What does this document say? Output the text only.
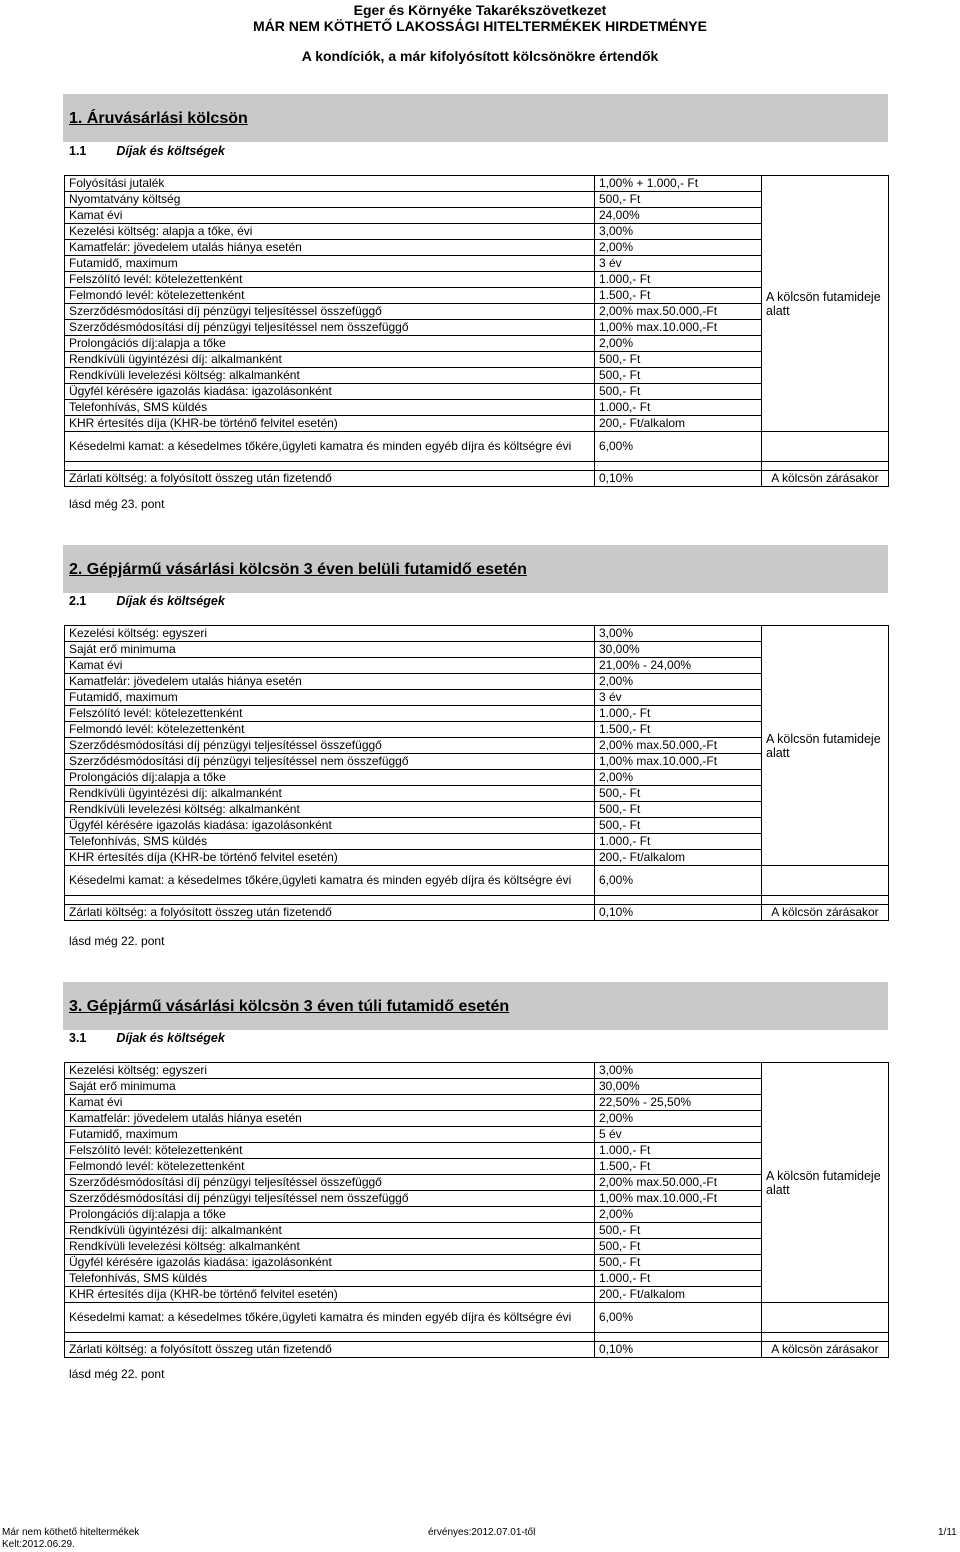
Eger és Környéke Takarékszövetkezet
MÁR NEM KÖTHETŐ LAKOSSÁGI HITELTERMÉKEK HIRDETMÉNYE
A kondíciók, a már kifolyósított kölcsönökre értendők
1. Áruvásárlási kölcsön
1.1 Díjak és költségek
Folyósítási jutalék	1,00% + 1.000,- Ft	A kölcsön futamideje alatt
Nyomtatvány költség	500,- Ft	
Kamat évi	24,00%	
Kezelési költség: alapja a tőke, évi	3,00%	
Kamatfelár: jövedelem utalás hiánya esetén	2,00%	
Futamidő, maximum	3 év	
Felszólító levél: kötelezettenként	1.000,- Ft	
Felmondó levél: kötelezettenként	1.500,- Ft	
Szerződésmódosítási díj pénzügyi teljesítéssel összefüggő	2,00% max.50.000,-Ft	
Szerződésmódosítási díj pénzügyi teljesítéssel nem összefüggő	1,00% max.10.000,-Ft	
Prolongációs díj:alapja a tőke	2,00%	
Rendkívüli ügyintézési díj: alkalmanként	500,- Ft	
Rendkívüli levelezési költség: alkalmanként	500,- Ft	
Ügyfél kérésére igazolás kiadása: igazolásonként	500,- Ft	
Telefonhívás, SMS küldés	1.000,- Ft	
KHR értesítés díja (KHR-be történő felvitel esetén)	200,- Ft/alkalom	
Késedelmi kamat: a késedelmes tőkére,ügyleti kamatra és minden egyéb díjra és költségre évi	6,00%	

Zárlati költség: a folyósított összeg után fizetendő	0,10%	A kölcsön zárásakor
lásd még 23. pont
2. Gépjármű vásárlási kölcsön 3 éven belüli futamidő esetén
2.1 Díjak és költségek
Kezelési költség: egyszeri	3,00%	A kölcsön futamideje alatt
Saját erő minimuma	30,00%	
Kamat évi	21,00% - 24,00%	
Kamatfelár: jövedelem utalás hiánya esetén	2,00%	
Futamidő, maximum	3 év	
Felszólító levél: kötelezettenként	1.000,- Ft	
Felmondó levél: kötelezettenként	1.500,- Ft	
Szerződésmódosítási díj pénzügyi teljesítéssel összefüggő	2,00% max.50.000,-Ft	
Szerződésmódosítási díj pénzügyi teljesítéssel nem összefüggő	1,00% max.10.000,-Ft	
Prolongációs díj:alapja a tőke	2,00%	
Rendkívüli ügyintézési díj: alkalmanként	500,- Ft	
Rendkívüli levelezési költség: alkalmanként	500,- Ft	
Ügyfél kérésére igazolás kiadása: igazolásonként	500,- Ft	
Telefonhívás, SMS küldés	1.000,- Ft	
KHR értesítés díja (KHR-be történő felvitel esetén)	200,- Ft/alkalom	
Késedelmi kamat: a késedelmes tőkére,ügyleti kamatra és minden egyéb díjra és költségre évi	6,00%	

Zárlati költség: a folyósított összeg után fizetendő	0,10%	A kölcsön zárásakor
lásd még 22. pont
3. Gépjármű vásárlási kölcsön 3 éven túli futamidő esetén
3.1 Díjak és költségek
Kezelési költség: egyszeri	3,00%	A kölcsön futamideje alatt
Saját erő minimuma	30,00%	
Kamat évi	22,50% - 25,50%	
Kamatfelár: jövedelem utalás hiánya esetén	2,00%	
Futamidő, maximum	5 év	
Felszólító levél: kötelezettenként	1.000,- Ft	
Felmondó levél: kötelezettenként	1.500,- Ft	
Szerződésmódosítási díj pénzügyi teljesítéssel összefüggő	2,00% max.50.000,-Ft	
Szerződésmódosítási díj pénzügyi teljesítéssel nem összefüggő	1,00% max.10.000,-Ft	
Prolongációs díj:alapja a tőke	2,00%	
Rendkívüli ügyintézési díj: alkalmanként	500,- Ft	
Rendkívüli levelezési költség: alkalmanként	500,- Ft	
Ügyfél kérésére igazolás kiadása: igazolásonként	500,- Ft	
Telefonhívás, SMS küldés	1.000,- Ft	
KHR értesítés díja (KHR-be történő felvitel esetén)	200,- Ft/alkalom	
Késedelmi kamat: a késedelmes tőkére,ügyleti kamatra és minden egyéb díjra és költségre évi	6,00%	

Zárlati költség: a folyósított összeg után fizetendő	0,10%	A kölcsön zárásakor
lásd még 22. pont
Már nem köthető hiteltermékek
Kelt:2012.06.29.
érvényes:2012.07.01-től	1/11
